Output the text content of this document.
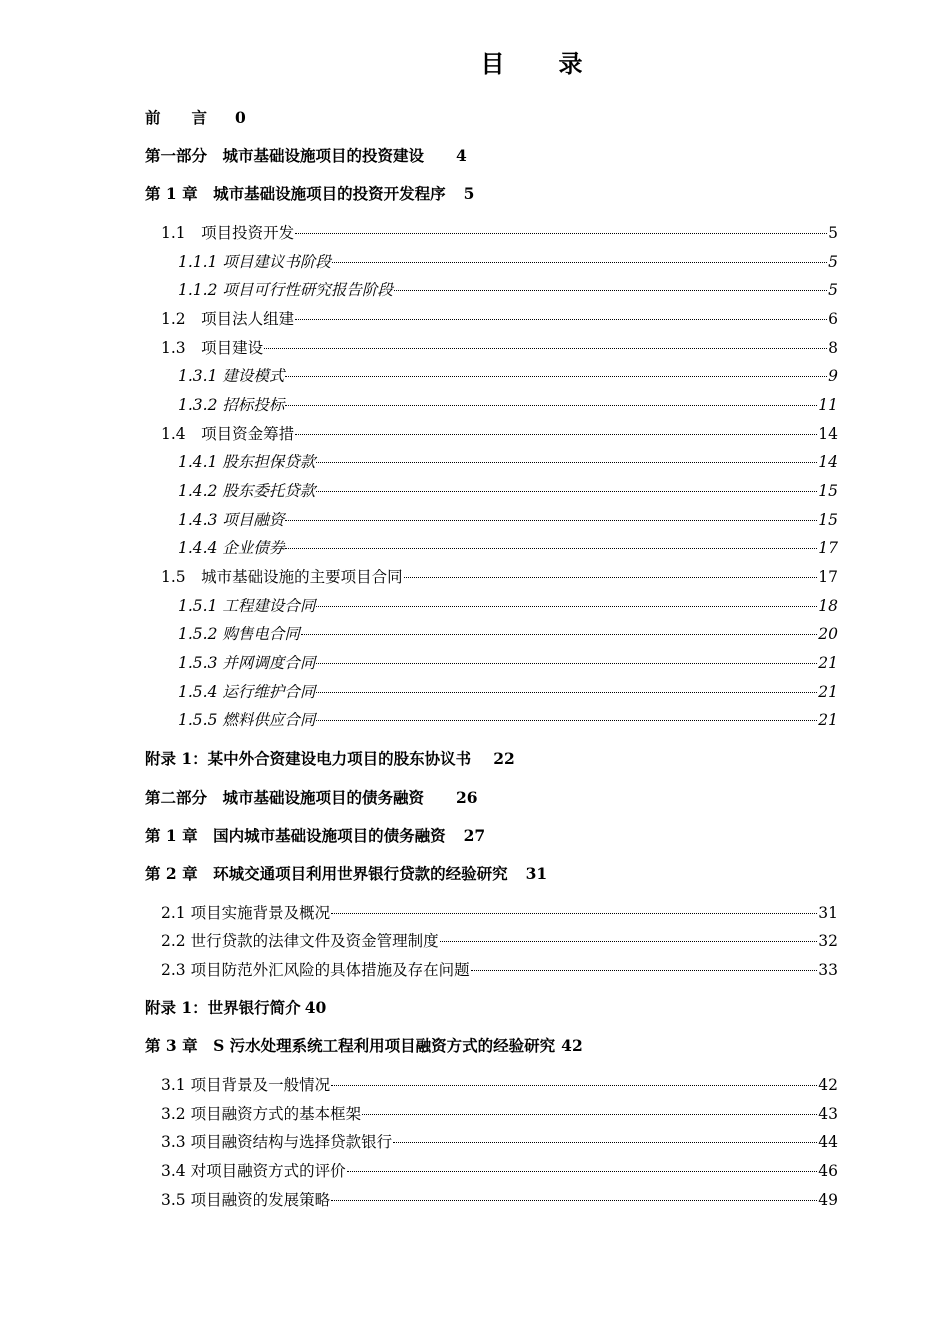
目　　录
前　　言 0
第一部分　城市基础设施项目的投资建设 4
第 1 章　城市基础设施项目的投资开发程序 5
1.1　项目投资开发	5
1.1.1 项目建议书阶段	5
1.1.2 项目可行性研究报告阶段	5
1.2　项目法人组建	6
1.3　项目建设	8
1.3.1 建设模式	9
1.3.2 招标投标	11
1.4　项目资金筹措	14
1.4.1 股东担保贷款	14
1.4.2 股东委托贷款	15
1.4.3 项目融资	15
1.4.4 企业债券	17
1.5　城市基础设施的主要项目合同	17
1.5.1 工程建设合同	18
1.5.2 购售电合同	20
1.5.3 并网调度合同	21
1.5.4 运行维护合同	21
1.5.5 燃料供应合同	21
附录 1：某中外合资建设电力项目的股东协议书 22
第二部分　城市基础设施项目的债务融资 26
第 1 章　国内城市基础设施项目的债务融资 27
第 2 章　环城交通项目利用世界银行贷款的经验研究 31
2.1 项目实施背景及概况	31
2.2 世行贷款的法律文件及资金管理制度	32
2.3 项目防范外汇风险的具体措施及存在问题	33
附录 1：世界银行简介 40
第 3 章　S 污水处理系统工程利用项目融资方式的经验研究 42
3.1 项目背景及一般情况	42
3.2 项目融资方式的基本框架	43
3.3 项目融资结构与选择贷款银行	44
3.4 对项目融资方式的评价	46
3.5 项目融资的发展策略	49
